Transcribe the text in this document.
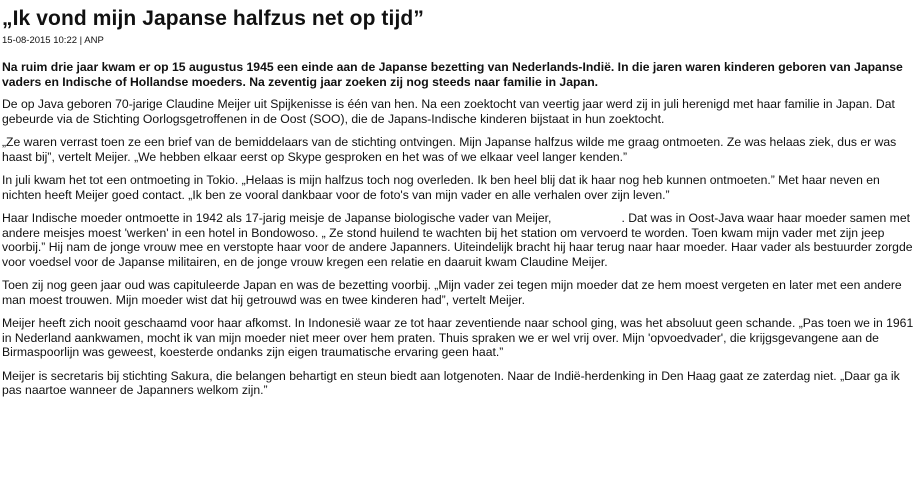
„Ik vond mijn Japanse halfzus net op tijd”
15-08-2015 10:22 | ANP

Na ruim drie jaar kwam er op 15 augustus 1945 een einde aan de Japanse bezetting van Nederlands-Indië. In die jaren waren kinderen geboren van Japanse vaders en Indische of Hollandse moeders. Na zeventig jaar zoeken zij nog steeds naar familie in Japan.

De op Java geboren 70-jarige Claudine Meijer uit Spijkenisse is één van hen. Na een zoektocht van veertig jaar werd zij in juli herenigd met haar familie in Japan. Dat gebeurde via de Stichting Oorlogsgetroffenen in de Oost (SOO), die de Japans-Indische kinderen bijstaat in hun zoektocht.

„Ze waren verrast toen ze een brief van de bemiddelaars van de stichting ontvingen. Mijn Japanse halfzus wilde me graag ontmoeten. Ze was helaas ziek, dus er was haast bij”, vertelt Meijer. „We hebben elkaar eerst op Skype gesproken en het was of we elkaar veel langer kenden.”

In juli kwam het tot een ontmoeting in Tokio. „Helaas is mijn halfzus toch nog overleden. Ik ben heel blij dat ik haar nog heb kunnen ontmoeten.” Met haar neven en nichten heeft Meijer goed contact. „Ik ben ze vooral dankbaar voor de foto's van mijn vader en alle verhalen over zijn leven.”

Haar Indische moeder ontmoette in 1942 als 17-jarig meisje de Japanse biologische vader van Meijer,	. Dat was in Oost-Java waar haar moeder samen met andere meisjes moest 'werken' in een hotel in Bondowoso. „ Ze stond huilend te wachten bij het station om vervoerd te worden. Toen kwam mijn vader met zijn jeep voorbij.” Hij nam de jonge vrouw mee en verstopte haar voor de andere Japanners. Uiteindelijk bracht hij haar terug naar haar moeder. Haar vader als bestuurder zorgde voor voedsel voor de Japanse militairen, en de jonge vrouw kregen een relatie en daaruit kwam Claudine Meijer.

Toen zij nog geen jaar oud was capituleerde Japan en was de bezetting voorbij. „Mijn vader zei tegen mijn moeder dat ze hem moest vergeten en later met een andere man moest trouwen. Mijn moeder wist dat hij getrouwd was en twee kinderen had”, vertelt Meijer.

Meijer heeft zich nooit geschaamd voor haar afkomst. In Indonesië waar ze tot haar zeventiende naar school ging, was het absoluut geen schande. „Pas toen we in 1961 in Nederland aankwamen, mocht ik van mijn moeder niet meer over hem praten. Thuis spraken we er wel vrij over. Mijn 'opvoedvader', die krijgsgevangene aan de Birmaspoorlijn was geweest, koesterde ondanks zijn eigen traumatische ervaring geen haat.”

Meijer is secretaris bij stichting Sakura, die belangen behartigt en steun biedt aan lotgenoten. Naar de Indië-herdenking in Den Haag gaat ze zaterdag niet. „Daar ga ik pas naartoe wanneer de Japanners welkom zijn.”
